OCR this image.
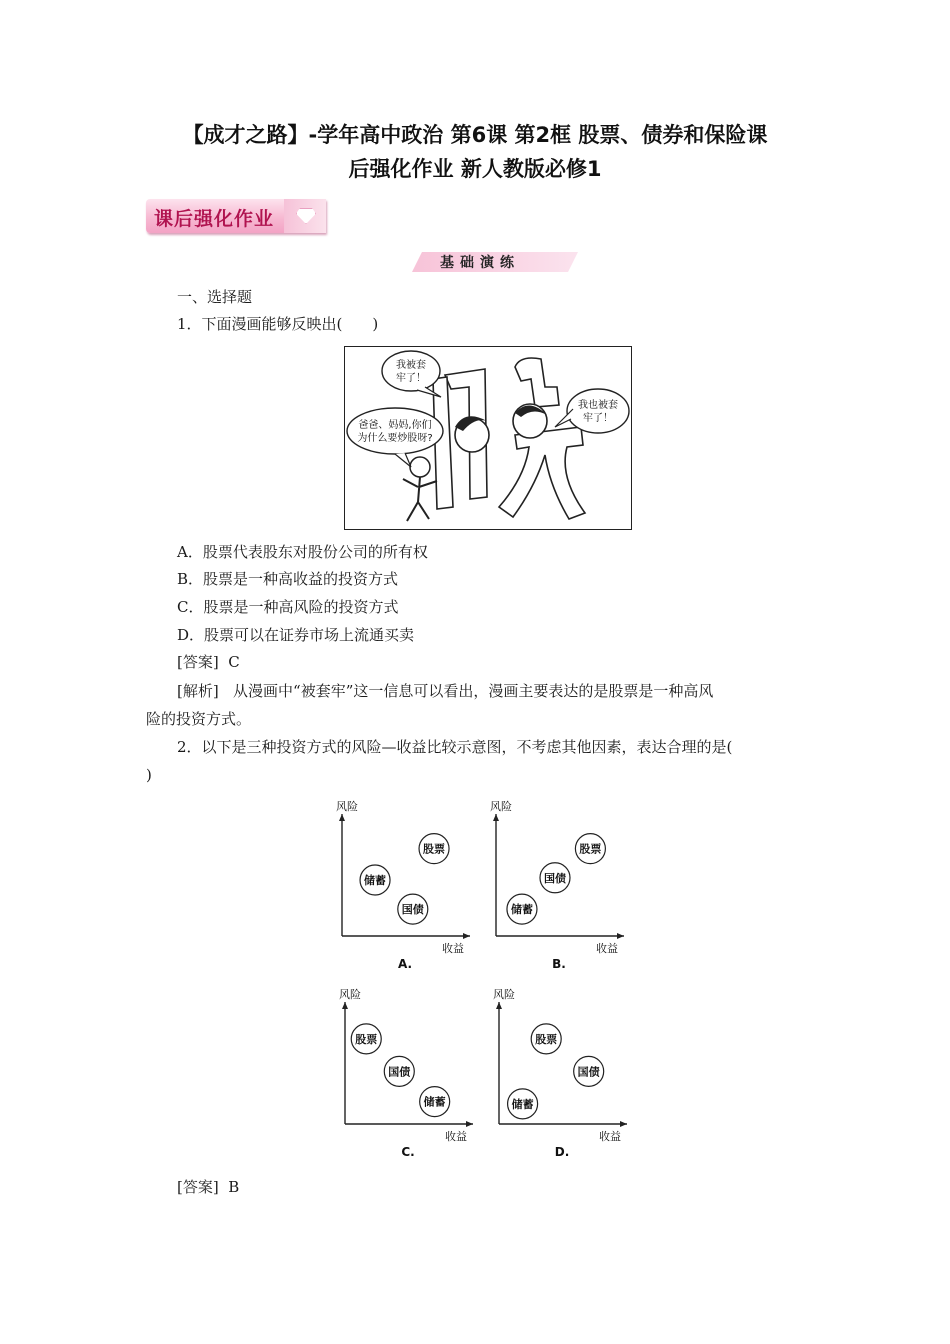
【成才之路】-学年高中政治 第6课 第2框 股票、债券和保险课
后强化作业 新人教版必修1
课后强化作业
基础演练
一、选择题
1．下面漫画能够反映出(　　)
我被套
牢了！
爸爸、妈妈,你们
为什么要炒股呀?
我也被套
牢了！
A．股票代表股东对股份公司的所有权
B．股票是一种高收益的投资方式
C．股票是一种高风险的投资方式
D．股票可以在证券市场上流通买卖
[答案] C
[解析] 从漫画中“被套牢”这一信息可以看出，漫画主要表达的是股票是一种高风
险的投资方式。
2．以下是三种投资方式的风险—收益比较示意图，不考虑其他因素，表达合理的是(
)
风险
收益
股票
储蓄
国债
A.
风险
收益
股票
国债
储蓄
B.
风险
收益
股票
国债
储蓄
C.
风险
收益
股票
国债
储蓄
D.
[答案] B
